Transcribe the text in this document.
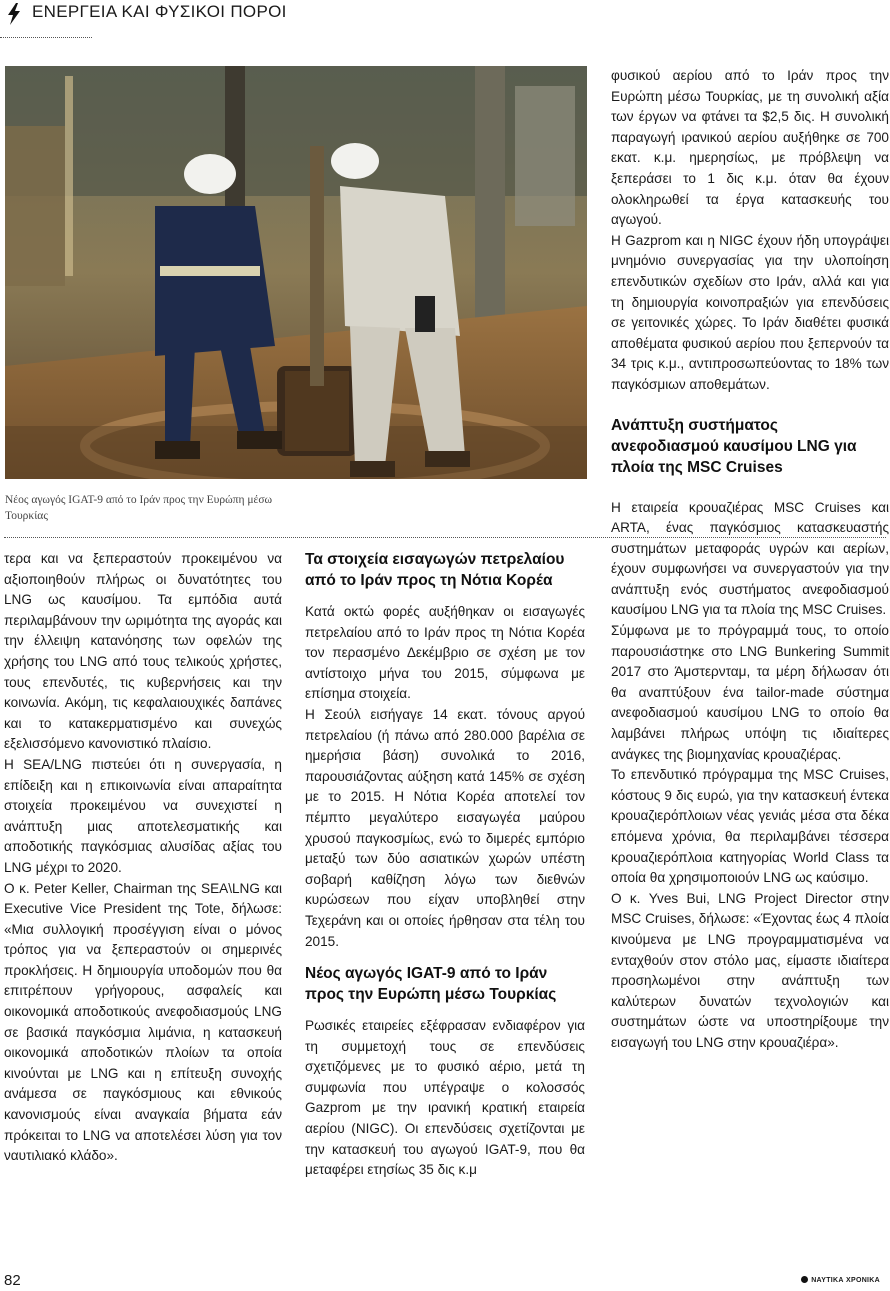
ΕΝΕΡΓΕΙΑ ΚΑΙ ΦΥΣΙΚΟΙ ΠΟΡΟΙ
Νέος αγωγός IGAT-9 από το Ιράν προς την Ευρώπη μέσω Τουρκίας

τερα και να ξεπεραστούν προκειμένου να αξιοποιηθούν πλήρως οι δυνατότητες του LNG ως καυσίμου. Τα εμπόδια αυτά περιλαμβάνουν την ωριμότητα της αγοράς και την έλλειψη κατανόησης των οφελών της χρήσης του LNG από τους τελικούς χρήστες, τους επενδυτές, τις κυβερνήσεις και την κοινωνία. Ακόμη, τις κεφαλαιουχικές δαπάνες και το κατακερματισμένο και συνεχώς εξελισσόμενο κανονιστικό πλαίσιο.

Η SEA/LNG πιστεύει ότι η συνεργασία, η επίδειξη και η επικοινωνία είναι απαραίτητα στοιχεία προκειμένου να συνεχιστεί η ανάπτυξη μιας αποτελεσματικής και αποδοτικής παγκόσμιας αλυσίδας αξίας του LNG μέχρι το 2020.

Ο κ. Peter Keller, Chairman της SEA\LNG και Executive Vice President της Tote, δήλωσε: «Μια συλλογική προσέγγιση είναι ο μόνος τρόπος για να ξεπεραστούν οι σημερινές προκλήσεις. Η δημιουργία υποδομών που θα επιτρέπουν γρήγορους, ασφαλείς και οικονομικά αποδοτικούς ανεφοδιασμούς LNG σε βασικά παγκόσμια λιμάνια, η κατασκευή οικονομικά αποδοτικών πλοίων τα οποία κινούνται με LNG και η επίτευξη συνοχής ανάμεσα σε παγκόσμιους και εθνικούς κανονισμούς είναι αναγκαία βήματα εάν πρόκειται το LNG να αποτελέσει λύση για τον ναυτιλιακό κλάδο».

Τα στοιχεία εισαγωγών πετρελαίου από το Ιράν προς τη Νότια Κορέα

Κατά οκτώ φορές αυξήθηκαν οι εισαγωγές πετρελαίου από το Ιράν προς τη Νότια Κορέα τον περασμένο Δεκέμβριο σε σχέση με τον αντίστοιχο μήνα του 2015, σύμφωνα με επίσημα στοιχεία.

Η Σεούλ εισήγαγε 14 εκατ. τόνους αργού πετρελαίου (ή πάνω από 280.000 βαρέλια σε ημερήσια βάση) συνολικά το 2016, παρουσιάζοντας αύξηση κατά 145% σε σχέση με το 2015. Η Νότια Κορέα αποτελεί τον πέμπτο μεγαλύτερο εισαγωγέα μαύρου χρυσού παγκοσμίως, ενώ το διμερές εμπόριο μεταξύ των δύο ασιατικών χωρών υπέστη σοβαρή καθίζηση λόγω των διεθνών κυρώσεων που είχαν υποβληθεί στην Τεχεράνη και οι οποίες ήρθησαν στα τέλη του 2015.

Νέος αγωγός IGAT-9 από το Ιράν προς την Ευρώπη μέσω Τουρκίας

Ρωσικές εταιρείες εξέφρασαν ενδιαφέρον για τη συμμετοχή τους σε επενδύσεις σχετιζόμενες με το φυσικό αέριο, μετά τη συμφωνία που υπέγραψε ο κολοσσός Gazprom με την ιρανική κρατική εταιρεία αερίου (NIGC). Οι επενδύσεις σχετίζονται με την κατασκευή του αγωγού IGAT-9, που θα μεταφέρει ετησίως 35 δις κ.μ

φυσικού αερίου από το Ιράν προς την Ευρώπη μέσω Τουρκίας, με τη συνολική αξία των έργων να φτάνει τα $2,5 δις. Η συνολική παραγωγή ιρανικού αερίου αυξήθηκε σε 700 εκατ. κ.μ. ημερησίως, με πρόβλεψη να ξεπεράσει το 1 δις κ.μ. όταν θα έχουν ολοκληρωθεί τα έργα κατασκευής του αγωγού.

Η Gazprom και η NIGC έχουν ήδη υπογράψει μνημόνιο συνεργασίας για την υλοποίηση επενδυτικών σχεδίων στο Ιράν, αλλά και για τη δημιουργία κοινοπραξιών για επενδύσεις σε γειτονικές χώρες. Το Ιράν διαθέτει φυσικά αποθέματα φυσικού αερίου που ξεπερνούν τα 34 τρις κ.μ., αντιπροσωπεύοντας το 18% των παγκόσμιων αποθεμάτων.

Ανάπτυξη συστήματος ανεφοδιασμού καυσίμου LNG για πλοία της MSC Cruises

Η εταιρεία κρουαζιέρας MSC Cruises και ARTA, ένας παγκόσμιος κατασκευαστής συστημάτων μεταφοράς υγρών και αερίων, έχουν συμφωνήσει να συνεργαστούν για την ανάπτυξη ενός συστήματος ανεφοδιασμού καυσίμου LNG για τα πλοία της MSC Cruises.

Σύμφωνα με το πρόγραμμά τους, το οποίο παρουσιάστηκε στο LNG Bunkering Summit 2017 στο Άμστερνταμ, τα μέρη δήλωσαν ότι θα αναπτύξουν ένα tailor-made σύστημα ανεφοδιασμού καυσίμου LNG το οποίο θα λαμβάνει πλήρως υπόψη τις ιδιαίτερες ανάγκες της βιομηχανίας κρουαζιέρας.

Το επενδυτικό πρόγραμμα της MSC Cruises, κόστους 9 δις ευρώ, για την κατασκευή έντεκα κρουαζιερόπλοιων νέας γενιάς μέσα στα δέκα επόμενα χρόνια, θα περιλαμβάνει τέσσερα κρουαζιερόπλοια κατηγορίας World Class τα οποία θα χρησιμοποιούν LNG ως καύσιμο.

Ο κ. Yves Bui, LNG Project Director στην MSC Cruises, δήλωσε: «Έχοντας έως 4 πλοία κινούμενα με LNG προγραμματισμένα να ενταχθούν στον στόλο μας, είμαστε ιδιαίτερα προσηλωμένοι στην ανάπτυξη των καλύτερων δυνατών τεχνολογιών και συστημάτων ώστε να υποστηρίξουμε την εισαγωγή του LNG στην κρουαζιέρα».

82	ΝΑΥΤΙΚΑ ΧΡΟΝΙΚΑ
